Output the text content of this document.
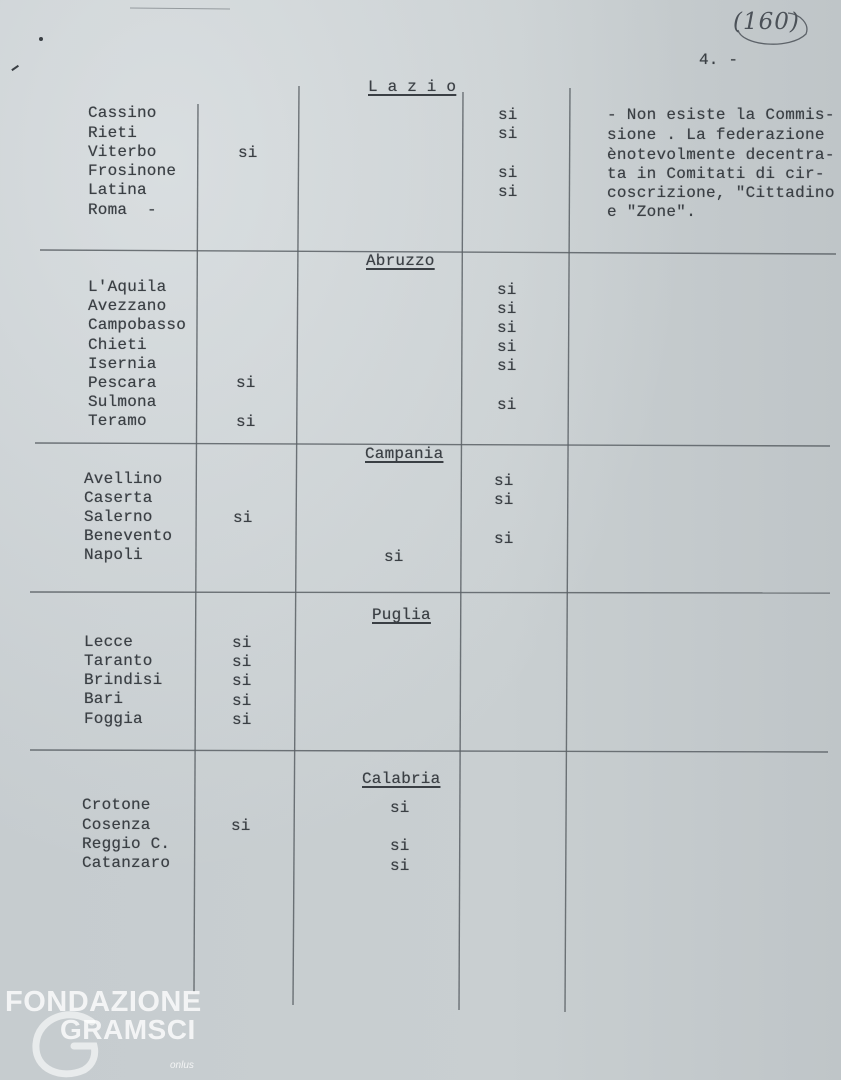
(160)
4. -
L a z i o
Cassino
Rieti
Viterbo
Frosinone
Latina
Roma -
si
si
si
si
si
- Non esiste la Commis-
sione . La federazione
ènotevolmente decentra-
ta in Comitati di cir-
coscrizione, "Cittadino
e "Zone".
Abruzzo
L'Aquila
Avezzano
Campobasso
Chieti
Isernia
Pescara
Sulmona
Teramo
si
si
si
si
si
si
si
si
Campania
Avellino
Caserta
Salerno
Benevento
Napoli
si
si
si
si
si
Puglia
Lecce
Taranto
Brindisi
Bari
Foggia
si
si
si
si
si
Calabria
Crotone
Cosenza
Reggio C.
Catanzaro
si
si
si
si
FONDAZIONE
GRAMSCI
onlus
